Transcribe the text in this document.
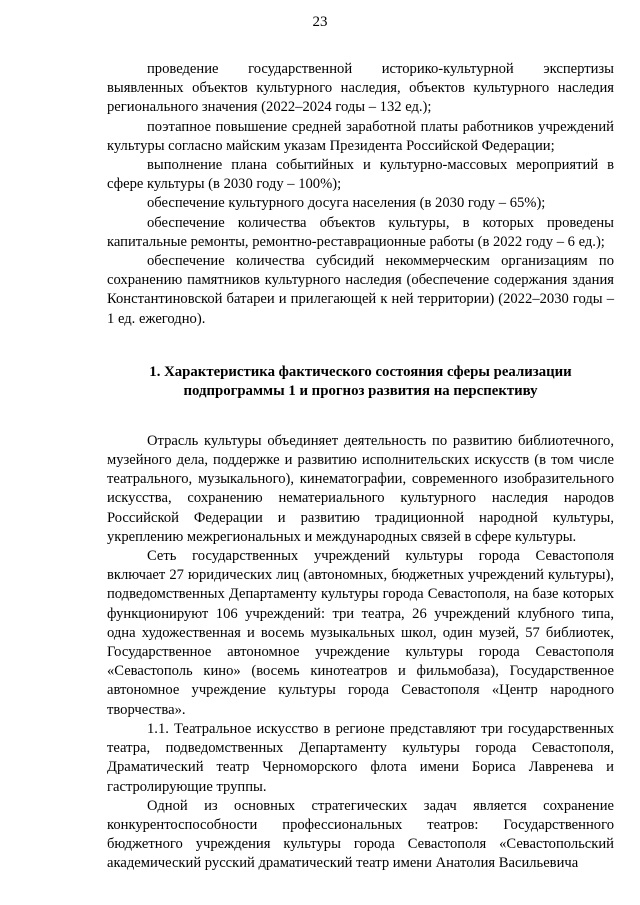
23

проведение государственной историко-культурной экспертизы выявленных объектов культурного наследия, объектов культурного наследия регионального значения (2022–2024 годы – 132 ед.);

поэтапное повышение средней заработной платы работников учреждений культуры согласно майским указам Президента Российской Федерации;

выполнение плана событийных и культурно-массовых мероприятий в сфере культуры (в 2030 году – 100%);

обеспечение культурного досуга населения (в 2030 году – 65%);

обеспечение количества объектов культуры, в которых проведены капитальные ремонты, ремонтно-реставрационные работы (в 2022 году – 6 ед.);

обеспечение количества субсидий некоммерческим организациям по сохранению памятников культурного наследия (обеспечение содержания здания Константиновской батареи и прилегающей к ней территории) (2022–2030 годы – 1 ед. ежегодно).

1. Характеристика фактического состояния сферы реализации

подпрограммы 1 и прогноз развития на перспективу

Отрасль культуры объединяет деятельность по развитию библиотечного, музейного дела, поддержке и развитию исполнительских искусств (в том числе театрального, музыкального), кинематографии, современного изобразительного искусства, сохранению нематериального культурного наследия народов Российской Федерации и развитию традиционной народной культуры, укреплению межрегиональных и международных связей в сфере культуры.

Сеть государственных учреждений культуры города Севастополя включает 27 юридических лиц (автономных, бюджетных учреждений культуры), подведомственных Департаменту культуры города Севастополя, на базе которых функционируют 106 учреждений: три театра, 26 учреждений клубного типа, одна художественная и восемь музыкальных школ, один музей, 57 библиотек, Государственное автономное учреждение культуры города Севастополя «Севастополь кино» (восемь кинотеатров и фильмобаза), Государственное автономное учреждение культуры города Севастополя «Центр народного творчества».

1.1. Театральное искусство в регионе представляют три государственных театра, подведомственных Департаменту культуры города Севастополя, Драматический театр Черноморского флота имени Бориса Лавренева и гастролирующие труппы.

Одной из основных стратегических задач является сохранение конкурентоспособности профессиональных театров: Государственного бюджетного учреждения культуры города Севастополя «Севастопольский академический русский драматический театр имени Анатолия Васильевича
